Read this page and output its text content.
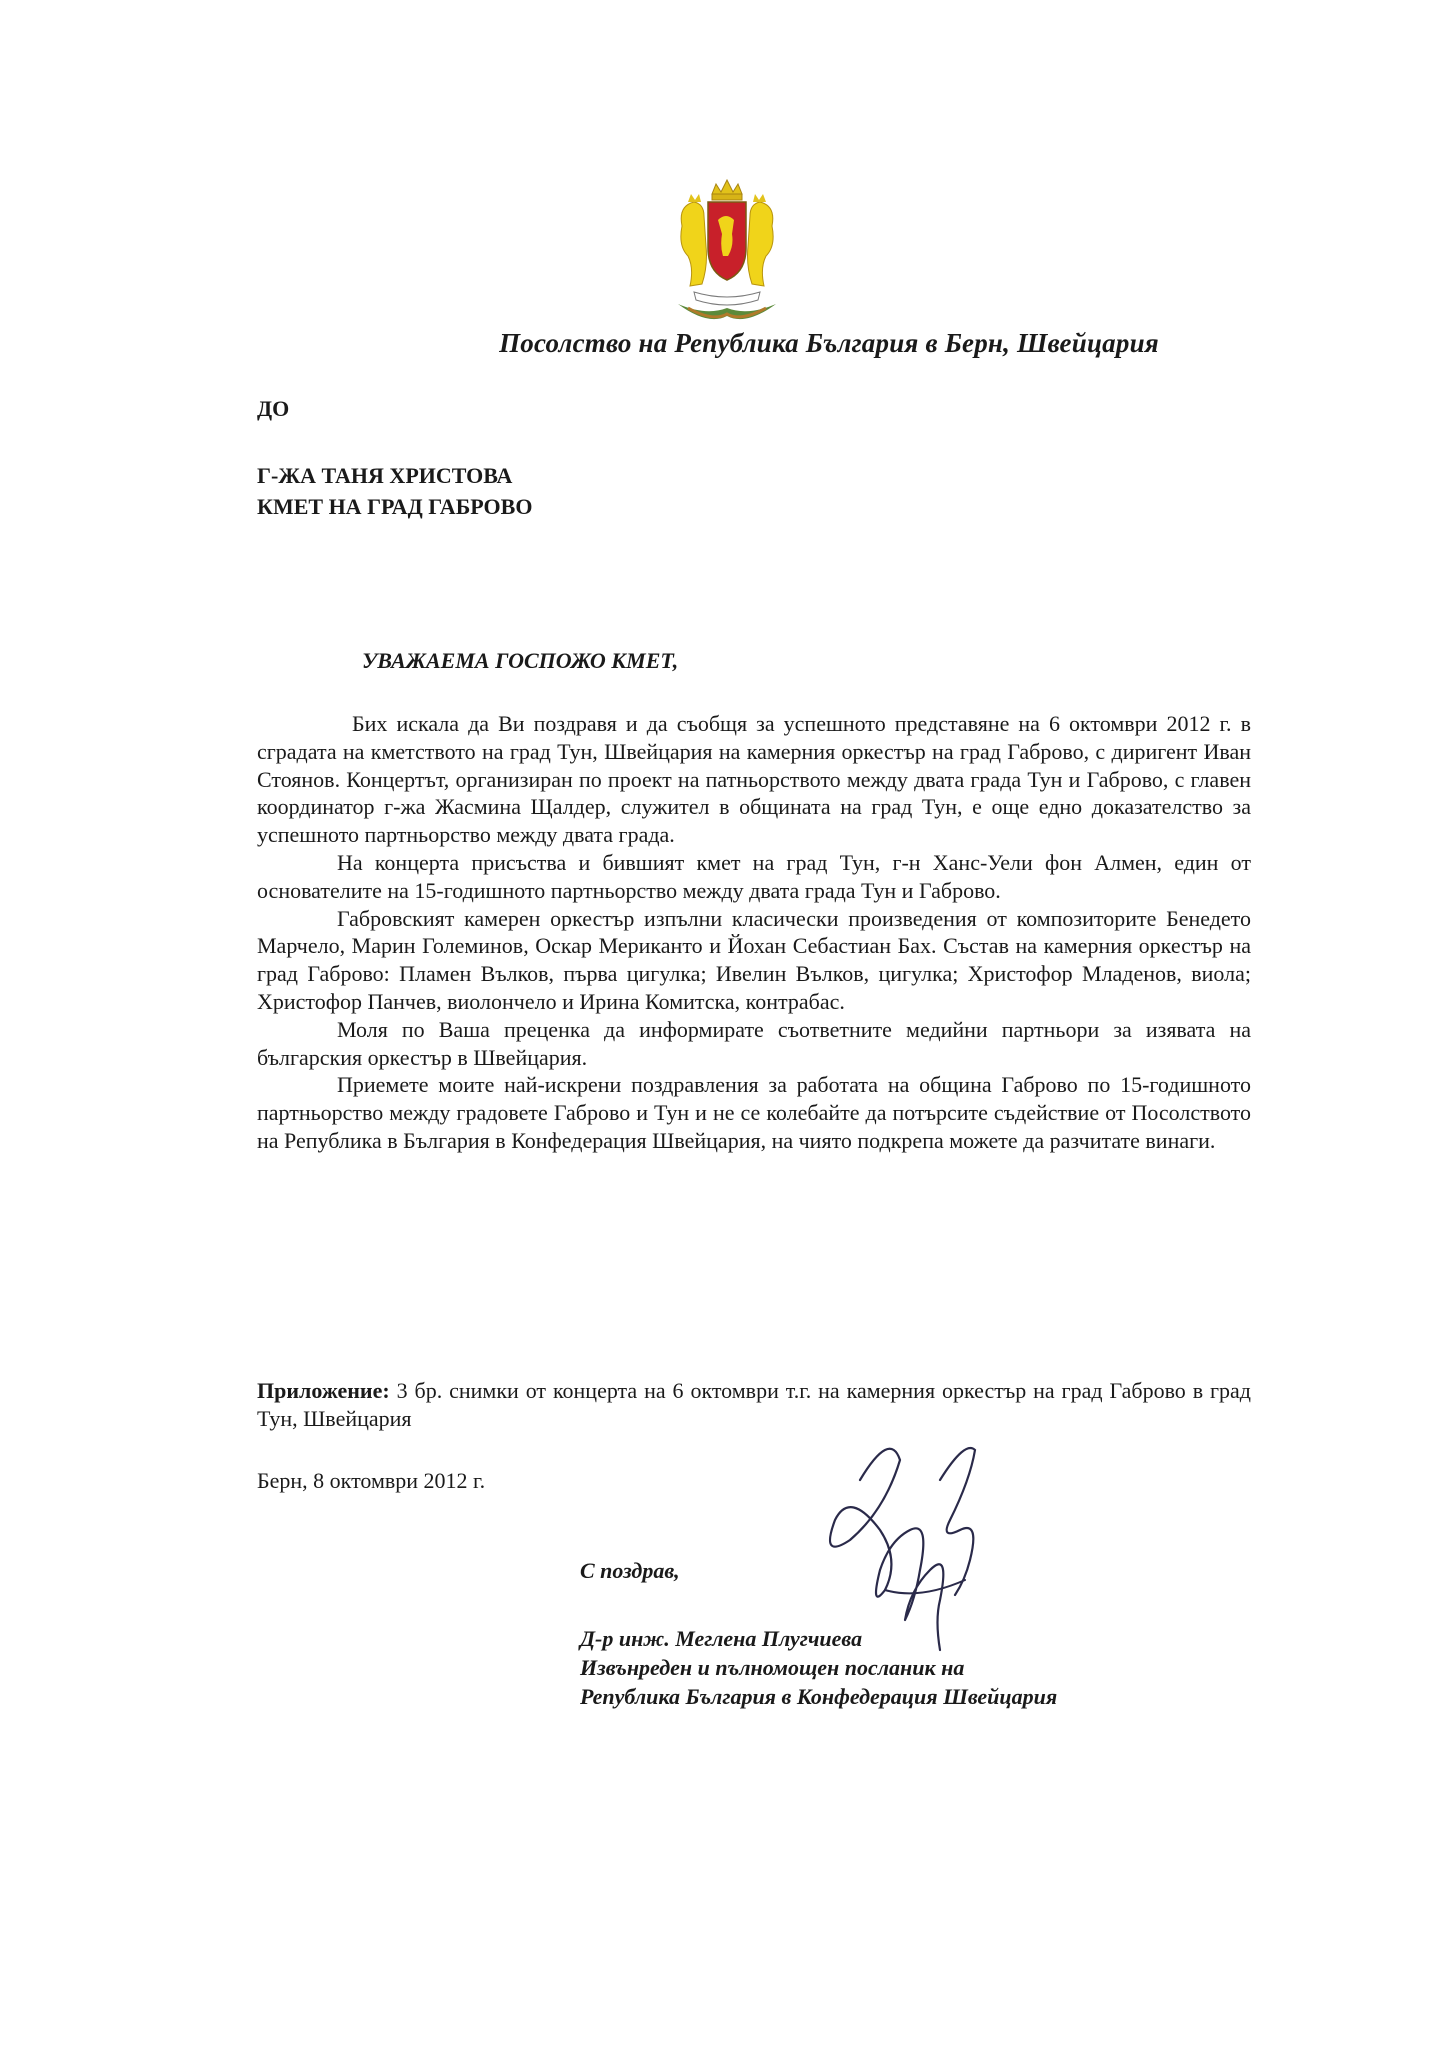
Посолство на Република България в Берн, Швейцария
ДО
Г-ЖА ТАНЯ ХРИСТОВА
КМЕТ НА ГРАД ГАБРОВО
УВАЖАЕМА ГОСПОЖО КМЕТ,

Бих искала да Ви поздравя и да съобщя за успешното представяне на 6 октомври 2012 г. в сградата на кметството на град Тун, Швейцария на камерния оркестър на град Габрово, с диригент Иван Стоянов. Концертът, организиран по проект на патньорството между двата града Тун и Габрово, с главен координатор г-жа Жасмина Щалдер, служител в общината на град Тун, е още едно доказателство за успешното партньорство между двата града.

На концерта присъства и бившият кмет на град Тун, г-н Ханс-Уели фон Алмен, един от основателите на 15-годишното партньорство между двата града Тун и Габрово.

Габровският камерен оркестър изпълни класически произведения от композиторите Бенедето Марчело, Марин Големинов, Оскар Мериканто и Йохан Себастиан Бах. Състав на камерния оркестър на град Габрово: Пламен Вълков, първа цигулка; Ивелин Вълков, цигулка; Христофор Младенов, виола; Христофор Панчев, виолончело и Ирина Комитска, контрабас.

Моля по Ваша преценка да информирате съответните медийни партньори за изявата на българския оркестър в Швейцария.

Приемете моите най-искрени поздравления за работата на община Габрово по 15-годишното партньорство между градовете Габрово и Тун и не се колебайте да потърсите съдействие от Посолството на Република в България в Конфедерация Швейцария, на чиято подкрепа можете да разчитате винаги.

Приложение: 3 бр. снимки от концерта на 6 октомври т.г. на камерния оркестър на град Габрово в град Тун, Швейцария
Берн, 8 октомври 2012 г.
С поздрав,
Д-р инж. Меглена Плугчиева
Извънреден и пълномощен посланик на
Република България в Конфедерация Швейцария
